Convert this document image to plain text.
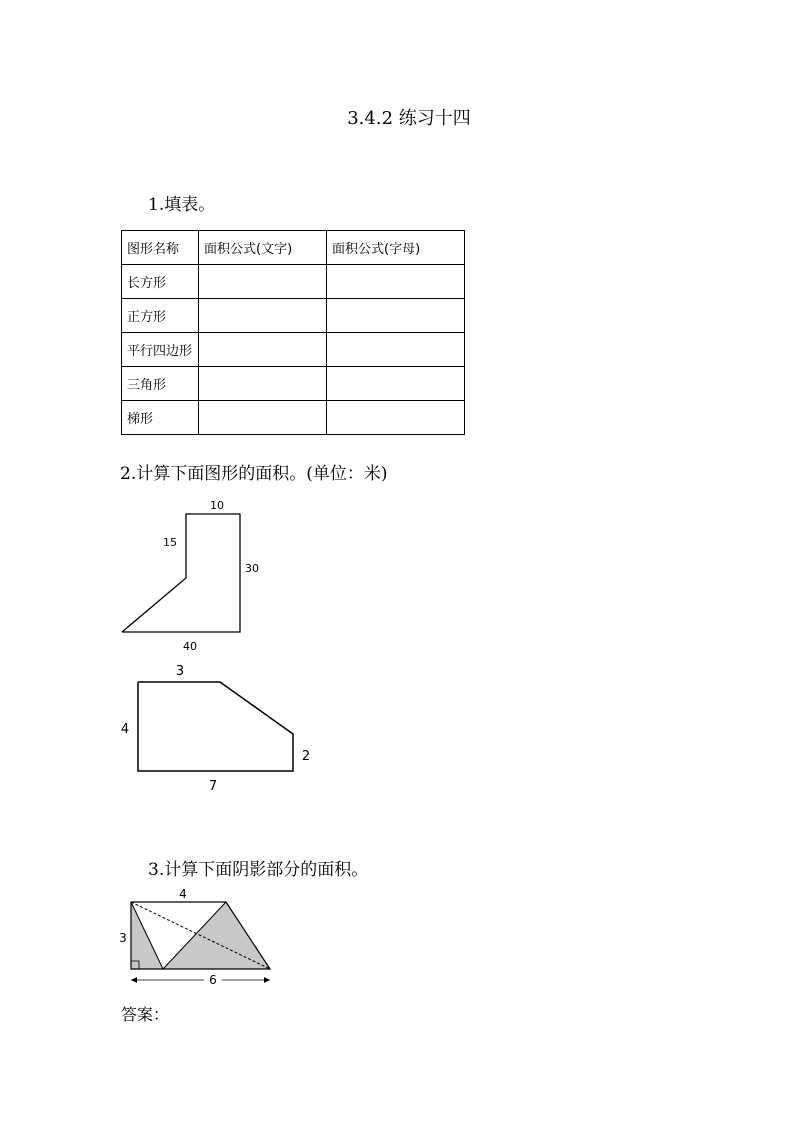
3.4.2 练习十四
1.填表。
图形名称	面积公式(文字)	面积公式(字母)
长方形		
正方形		
平行四边形		
三角形		
梯形		
2.计算下面图形的面积。(单位：米)
10
15
30
40
3
4
2
7
3.计算下面阴影部分的面积。
4
3
6
答案：
